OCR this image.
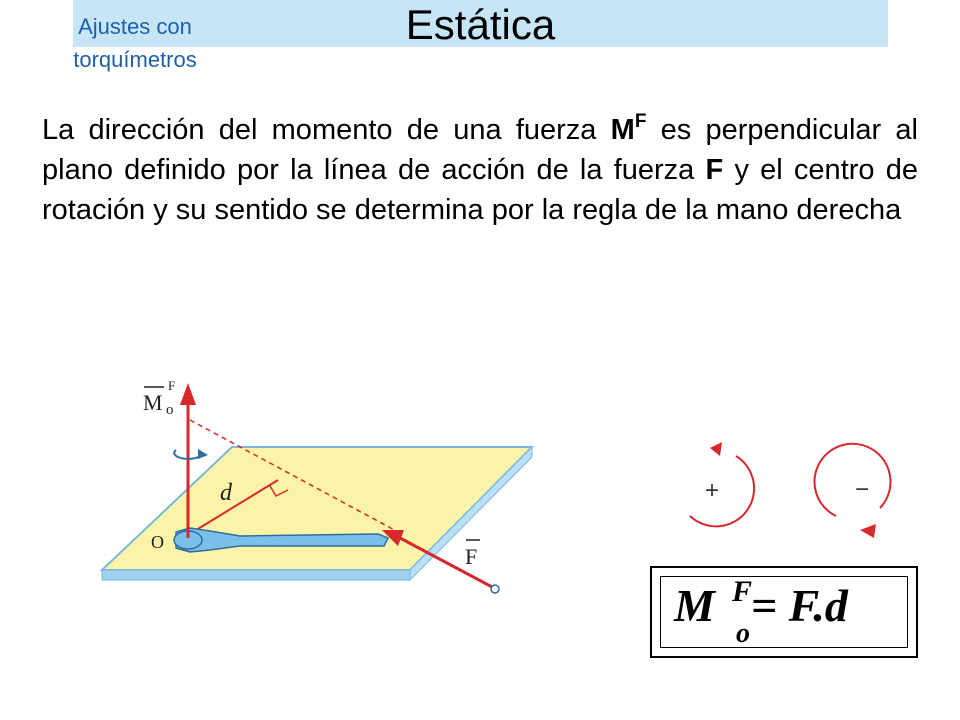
Estática
Ajustes con
torquímetros
La dirección del momento de una fuerza $M^F$ es perpendicular al plano definido por la línea de acción de la fuerza F y el centro de rotación y su sentido se determina por la regla de la mano derecha
d
O
M
F
o
F
+	−
M F
o
= F.d
